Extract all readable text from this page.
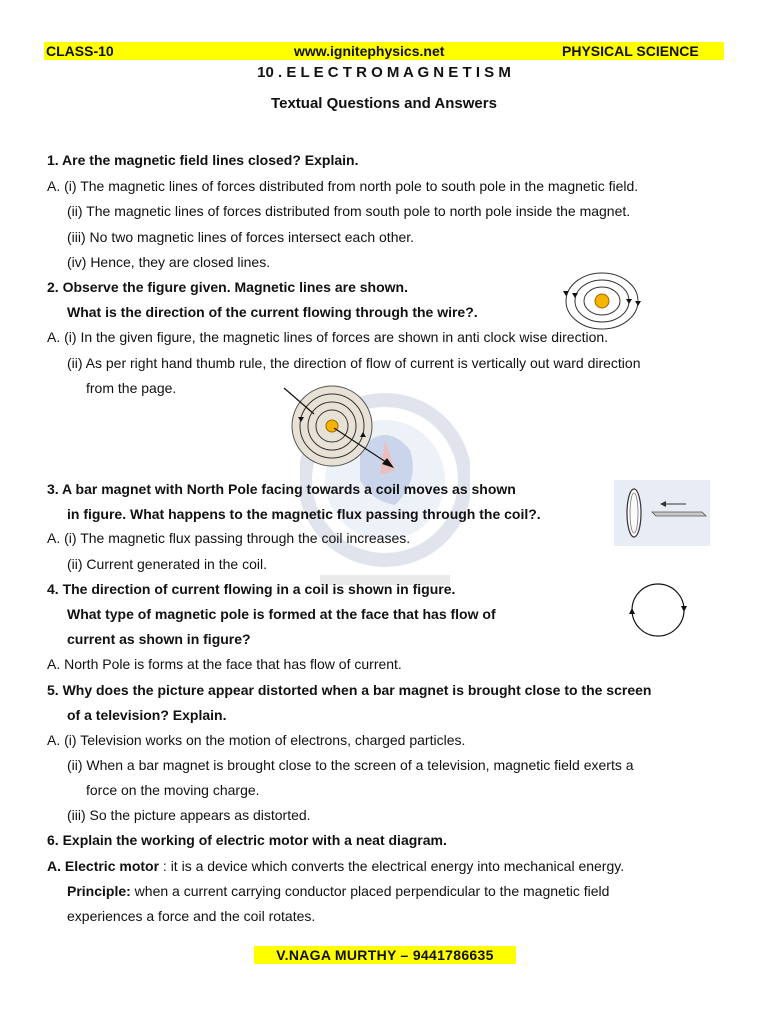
CLASS-10	www.ignitephysics.net	PHYSICAL SCIENCE
10 . E L E C T R O M A G N E T I S M
Textual Questions and Answers
1. Are the magnetic field lines closed? Explain.
A. (i) The magnetic lines of forces distributed from north pole to south pole in the magnetic field.
(ii) The magnetic lines of forces distributed from south pole to north pole inside the magnet.
(iii) No two magnetic lines of forces intersect each other.
(iv) Hence, they are closed lines.
2. Observe the figure given. Magnetic lines are shown.
What is the direction of the current flowing through the wire?.
A. (i) In the given figure, the magnetic lines of forces are shown in anti clock wise direction.
(ii) As per right hand thumb rule, the direction of flow of current is vertically out ward direction
from the page.
3. A bar magnet with North Pole facing towards a coil moves as shown
in figure. What happens to the magnetic flux passing through the coil?.
A. (i) The magnetic flux passing through the coil increases.
(ii) Current generated in the coil.
4. The direction of current flowing in a coil is shown in figure.
What type of magnetic pole is formed at the face that has flow of
current as shown in figure?
A. North Pole is forms at the face that has flow of current.
5. Why does the picture appear distorted when a bar magnet is brought close to the screen
of a television? Explain.
A. (i) Television works on the motion of electrons, charged particles.
(ii) When a bar magnet is brought close to the screen of a television, magnetic field exerts a
force on the moving charge.
(iii) So the picture appears as distorted.
6. Explain the working of electric motor with a neat diagram.
A. Electric motor : it is a device which converts the electrical energy into mechanical energy.
Principle: when a current carrying conductor placed perpendicular to the magnetic field
experiences a force and the coil rotates.
V.NAGA MURTHY – 9441786635
